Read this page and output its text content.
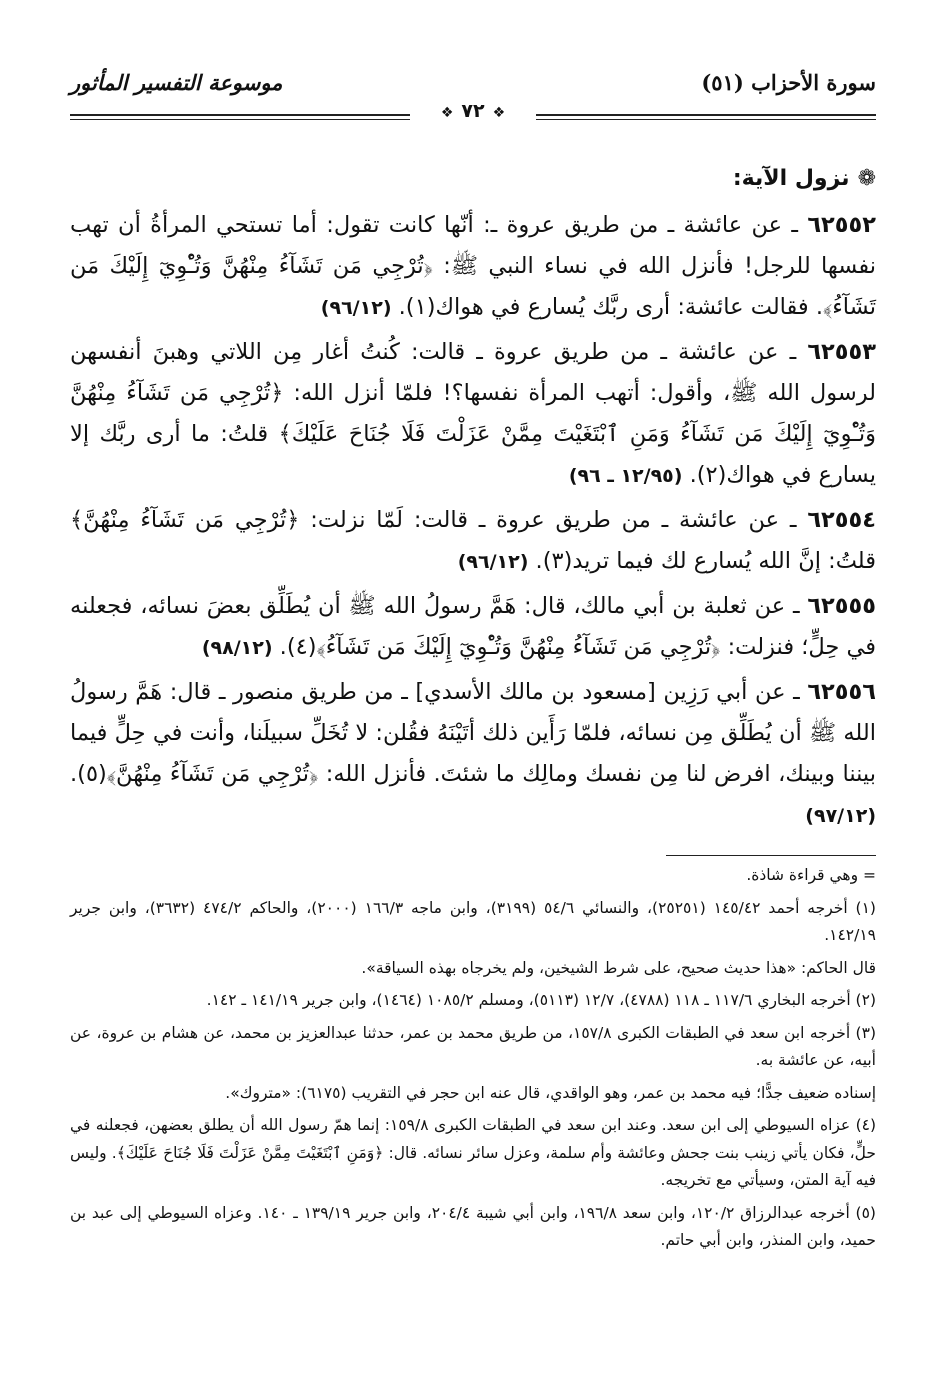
سورة الأحزاب (٥١)
موسوعة التفسير المأثور
❖٧٢❖
❁نزول الآية:

٦٢٥٥٢ ـ عن عائشة ـ من طريق عروة ـ: أنّها كانت تقول: أما تستحي المرأةُ أن تهب نفسها للرجل! فأنزل الله في نساء النبي ﷺ: ﴿تُرْجِي مَن تَشَآءُ مِنْهُنَّ وَتُـْٔوِيٓ إِلَيْكَ مَن تَشَآءُ﴾. فقالت عائشة: أرى ربَّك يُسارع في هواك(١). (٩٦/١٢)

٦٢٥٥٣ ـ عن عائشة ـ من طريق عروة ـ قالت: كُنتُ أغار مِن اللاتي وهبنَ أنفسهن لرسول الله ﷺ، وأقول: أتهب المرأة نفسها؟! فلمّا أنزل الله: ﴿تُرْجِي مَن تَشَآءُ مِنْهُنَّ وَتُـْٔوِيٓ إِلَيْكَ مَن تَشَآءُ وَمَنِ ٱبْتَغَيْتَ مِمَّنْ عَزَلْتَ فَلَا جُنَاحَ عَلَيْكَ﴾ قلتُ: ما أرى ربَّك إلا يسارع في هواك(٢). (١٢/٩٥ ـ ٩٦)

٦٢٥٥٤ ـ عن عائشة ـ من طريق عروة ـ قالت: لَمّا نزلت: ﴿تُرْجِي مَن تَشَآءُ مِنْهُنَّ﴾ قلتُ: إنَّ الله يُسارع لك فيما تريد(٣). (٩٦/١٢)

٦٢٥٥٥ ـ عن ثعلبة بن أبي مالك، قال: هَمَّ رسولُ الله ﷺ أن يُطَلِّق بعضَ نسائه، فجعلنه في حِلٍّ؛ فنزلت: ﴿تُرْجِي مَن تَشَآءُ مِنْهُنَّ وَتُـْٔوِيٓ إِلَيْكَ مَن تَشَآءُ﴾(٤). (٩٨/١٢)

٦٢٥٥٦ ـ عن أبي رَزِين [مسعود بن مالك الأسدي] ـ من طريق منصور ـ قال: هَمَّ رسولُ الله ﷺ أن يُطَلِّق مِن نسائه، فلمّا رَأَين ذلك أتَيْنَهُ فقُلن: لا تُخَلِّ سبيلَنا، وأنت في حِلٍّ فيما بيننا وبينك، افرض لنا مِن نفسك ومالِك ما شئتَ. فأنزل الله: ﴿تُرْجِي مَن تَشَآءُ مِنْهُنَّ﴾(٥). (٩٧/١٢)

= وهي قراءة شاذة.

(١) أخرجه أحمد ١٤٥/٤٢ (٢٥٢٥١)، والنسائي ٥٤/٦ (٣١٩٩)، وابن ماجه ١٦٦/٣ (٢٠٠٠)، والحاكم ٤٧٤/٢ (٣٦٣٢)، وابن جرير ١٤٢/١٩.

قال الحاكم: «هذا حديث صحيح، على شرط الشيخين، ولم يخرجاه بهذه السياقة».

(٢) أخرجه البخاري ١١٧/٦ ـ ١١٨ (٤٧٨٨)، ١٢/٧ (٥١١٣)، ومسلم ١٠٨٥/٢ (١٤٦٤)، وابن جرير ١٤١/١٩ ـ ١٤٢.

(٣) أخرجه ابن سعد في الطبقات الكبرى ١٥٧/٨، من طريق محمد بن عمر، حدثنا عبدالعزيز بن محمد، عن هشام بن عروة، عن أبيه، عن عائشة به.

إسناده ضعيف جدًّا؛ فيه محمد بن عمر، وهو الواقدي، قال عنه ابن حجر في التقريب (٦١٧٥): «متروك».

(٤) عزاه السيوطي إلى ابن سعد. وعند ابن سعد في الطبقات الكبرى ١٥٩/٨: إنما همّ رسول الله أن يطلق بعضهن، فجعلنه في حلٍّ، فكان يأتي زينب بنت جحش وعائشة وأم سلمة، وعزل سائر نسائه. قال: ﴿وَمَنِ ٱبْتَغَيْتَ مِمَّنْ عَزَلْتَ فَلَا جُنَاحَ عَلَيْكَ﴾. وليس فيه آية المتن، وسيأتي مع تخريجه.

(٥) أخرجه عبدالرزاق ١٢٠/٢، وابن سعد ١٩٦/٨، وابن أبي شيبة ٢٠٤/٤، وابن جرير ١٣٩/١٩ ـ ١٤٠. وعزاه السيوطي إلى عبد بن حميد، وابن المنذر، وابن أبي حاتم.
